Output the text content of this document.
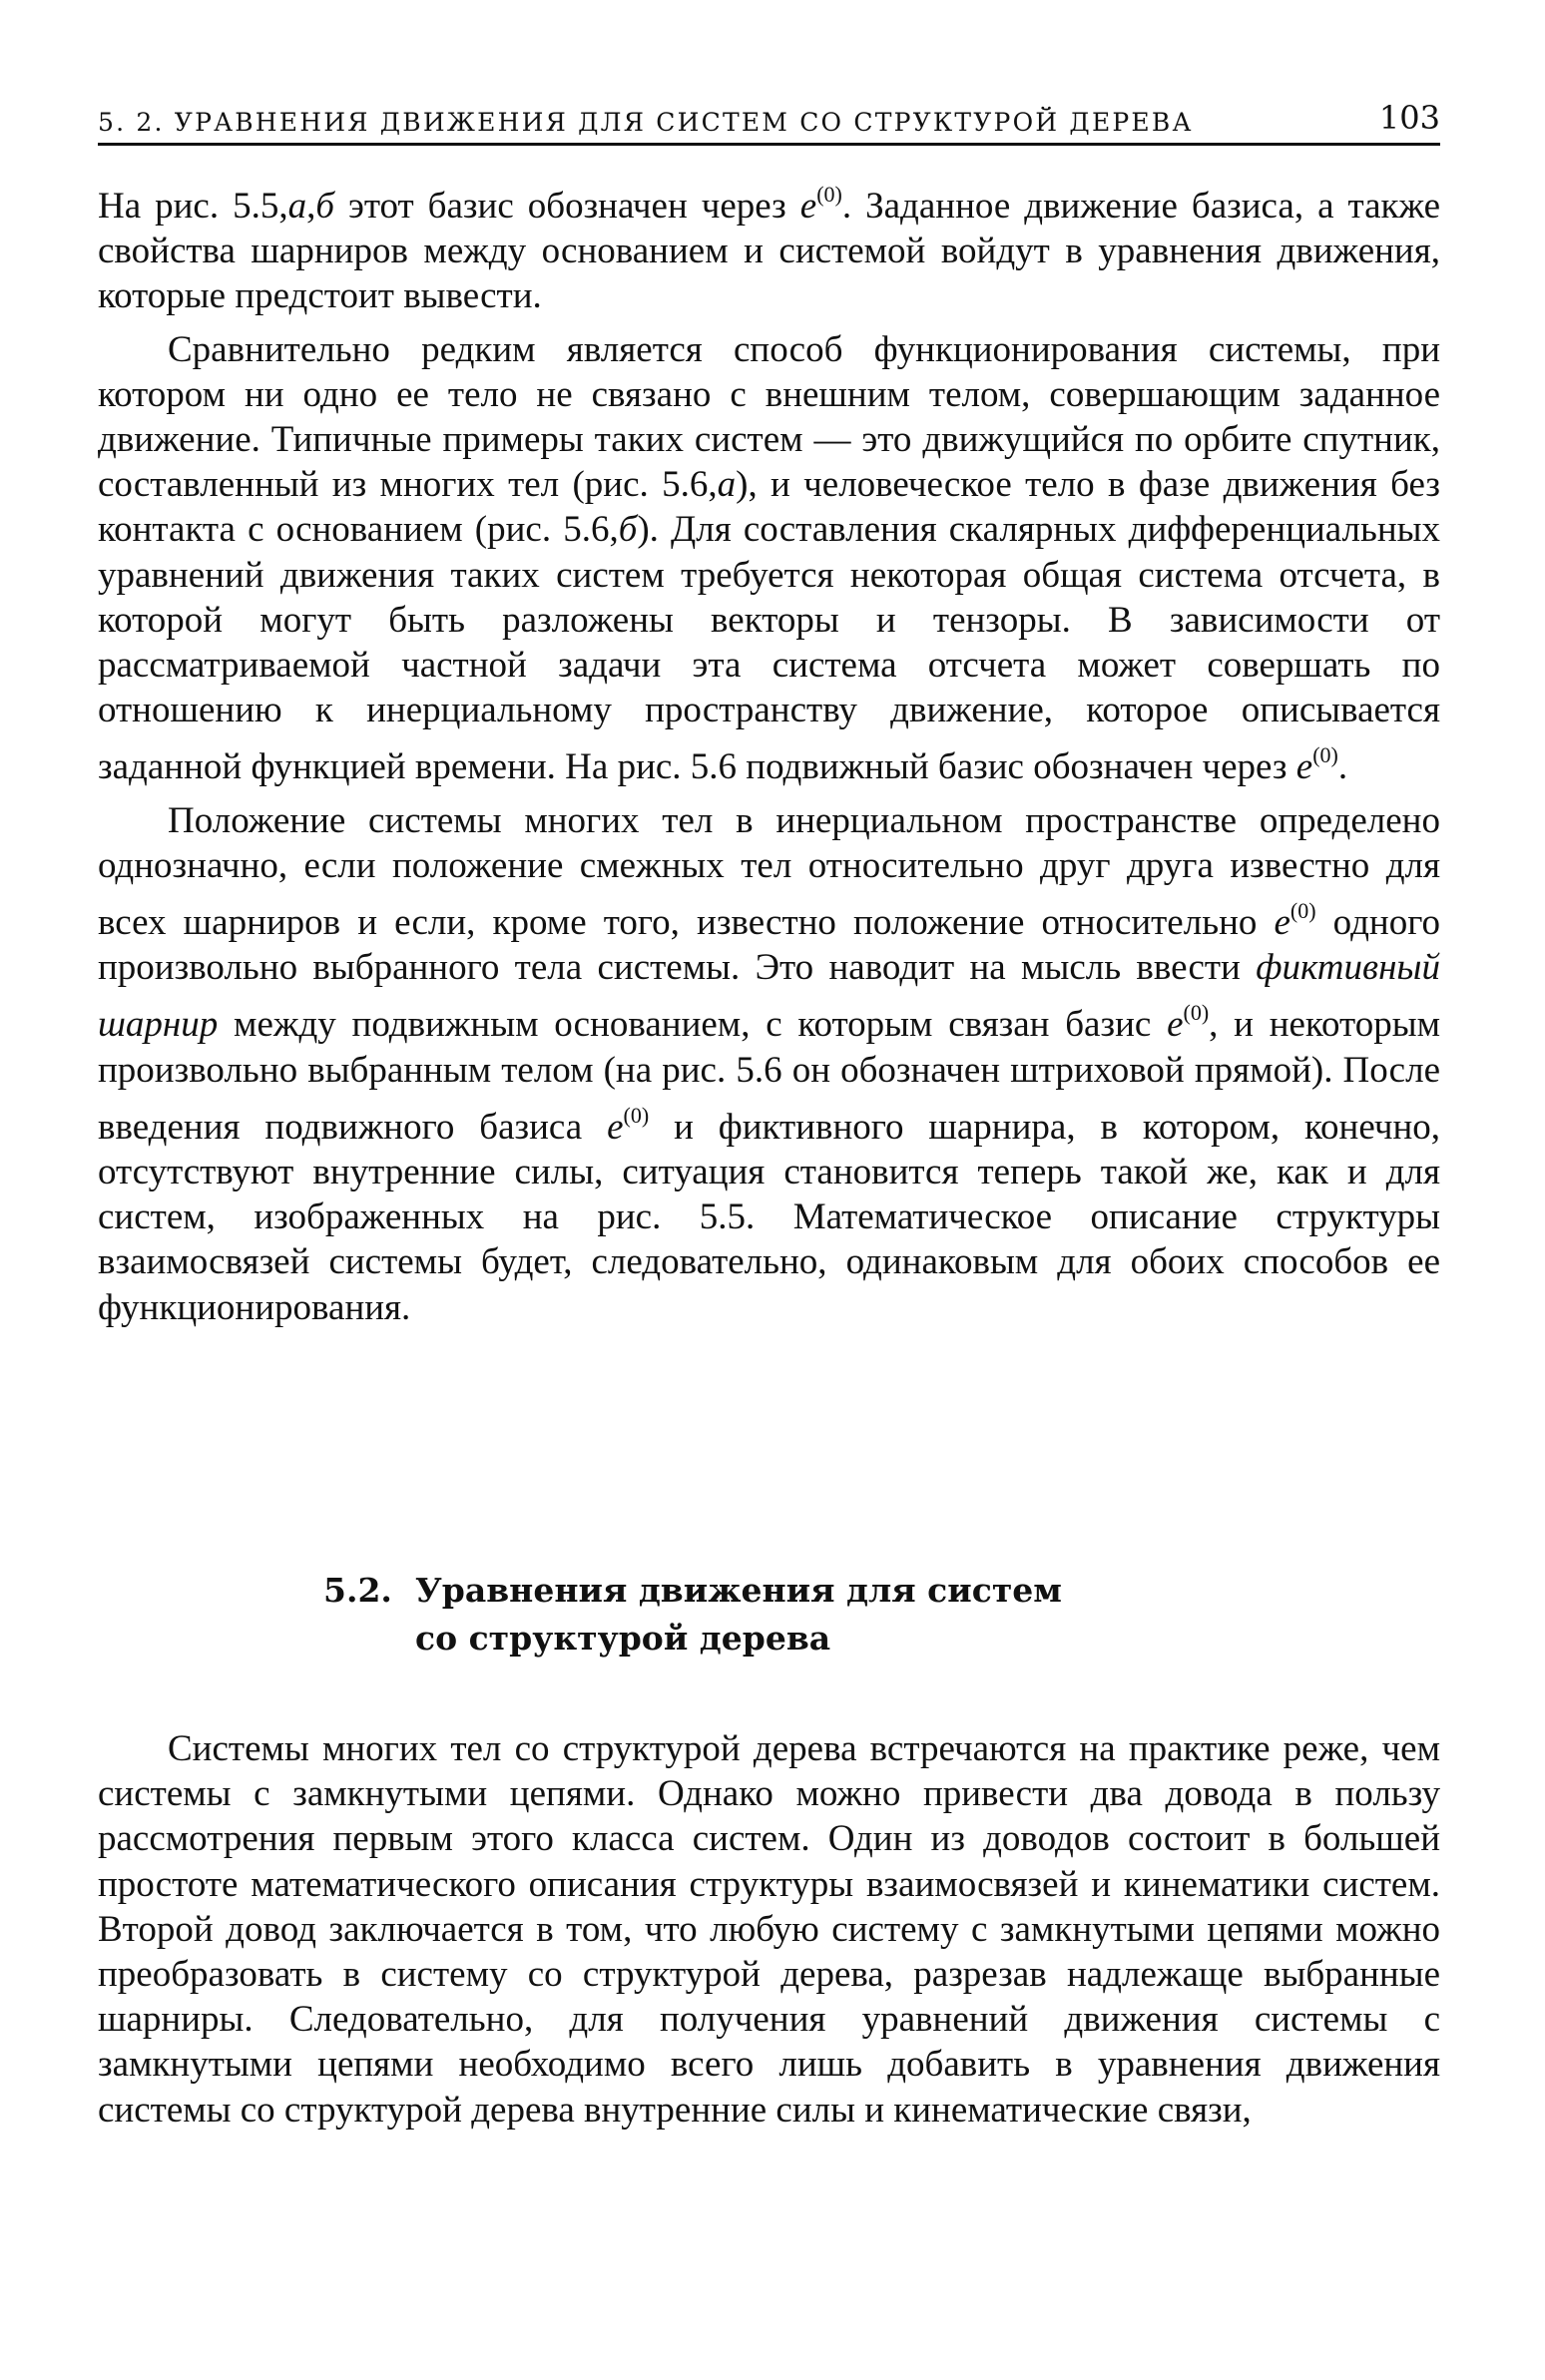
5. 2. УРАВНЕНИЯ ДВИЖЕНИЯ ДЛЯ СИСТЕМ СО СТРУКТУРОЙ ДЕРЕВА	103

На рис. 5.5,а,б этот базис обозначен через $e^{(0)}$. Заданное движение базиса, а также свойства шарниров между основанием и системой войдут в уравнения движения, которые предстоит вывести.

Сравнительно редким является способ функционирования системы, при котором ни одно ее тело не связано с внешним телом, совершающим заданное движение. Типичные примеры таких систем — это движущийся по орбите спутник, составленный из многих тел (рис. 5.6,а), и человеческое тело в фазе движения без контакта с основанием (рис. 5.6,б). Для составления скалярных дифференциальных уравнений движения таких систем требуется некоторая общая система отсчета, в которой могут быть разложены векторы и тензоры. В зависимости от рассматриваемой частной задачи эта система отсчета может совершать по отношению к инерциальному пространству движение, которое описывается заданной функцией времени. На рис. 5.6 подвижный базис обозначен через $e^{(0)}$.

Положение системы многих тел в инерциальном пространстве определено однозначно, если положение смежных тел относительно друг друга известно для всех шарниров и если, кроме того, известно положение относительно $e^{(0)}$ одного произвольно выбранного тела системы. Это наводит на мысль ввести фиктивный шарнир между подвижным основанием, с которым связан базис $e^{(0)}$, и некоторым произвольно выбранным телом (на рис. 5.6 он обозначен штриховой прямой). После введения подвижного базиса $e^{(0)}$ и фиктивного шарнира, в котором, конечно, отсутствуют внутренние силы, ситуация становится теперь такой же, как и для систем, изображенных на рис. 5.5. Математическое описание структуры взаимосвязей системы будет, следовательно, одинаковым для обоих способов ее функционирования.

5.2. Уравнения движения для систем
со структурой дерева

Системы многих тел со структурой дерева встречаются на практике реже, чем системы с замкнутыми цепями. Однако можно привести два довода в пользу рассмотрения первым этого класса систем. Один из доводов состоит в большей простоте математического описания структуры взаимосвязей и кинематики систем. Второй довод заключается в том, что любую систему с замкнутыми цепями можно преобразовать в систему со структурой дерева, разрезав надлежаще выбранные шарниры. Следовательно, для получения уравнений движения системы с замкнутыми цепями необходимо всего лишь добавить в уравнения движения системы со структурой дерева внутренние силы и кинематические связи,
